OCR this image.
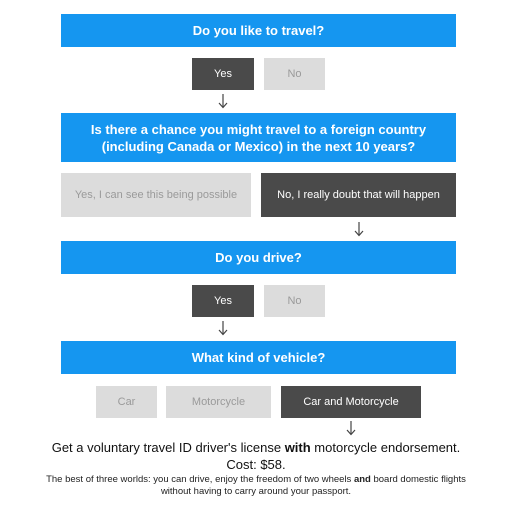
Do you like to travel?
Yes	No
Is there a chance you might travel to a foreign country (including Canada or Mexico) in the next 10 years?
Yes, I can see this being possible	No, I really doubt that will happen
Do you drive?
Yes	No
What kind of vehicle?
Car	Motorcycle	Car and Motorcycle
Get a voluntary travel ID driver's license with motorcycle endorsement. Cost: $58.
The best of three worlds: you can drive, enjoy the freedom of two wheels and board domestic flights without having to carry around your passport.
